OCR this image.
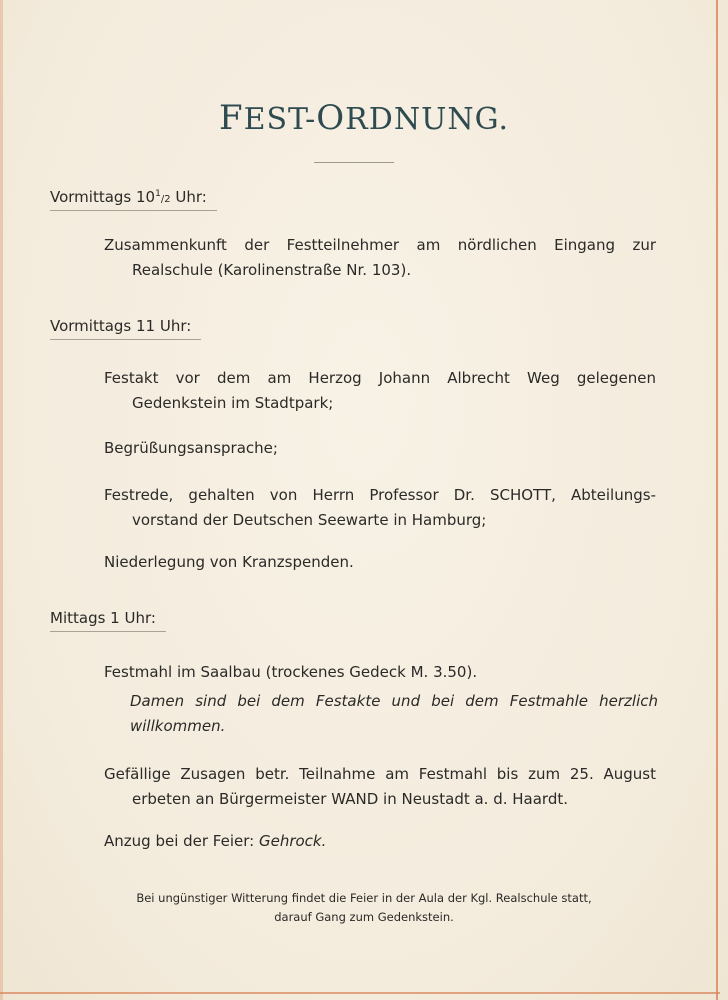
FEST-ORDNUNG.
Vormittags $10^1/2$ Uhr:
Zusammenkunft der Festteilnehmer am nördlichen Eingang zur
Realschule (Karolinenstraße Nr. 103).
Vormittags 11 Uhr:
Festakt vor dem am Herzog Johann Albrecht Weg gelegenen
Gedenkstein im Stadtpark;
Begrüßungsansprache;
Festrede, gehalten von Herrn Professor Dr. SCHOTT, Abteilungs-
vorstand der Deutschen Seewarte in Hamburg;
Niederlegung von Kranzspenden.
Mittags 1 Uhr:
Festmahl im Saalbau (trockenes Gedeck M. 3.50).
Damen sind bei dem Festakte und bei dem Festmahle herzlich
willkommen.
Gefällige Zusagen betr. Teilnahme am Festmahl bis zum 25. August
erbeten an Bürgermeister WAND in Neustadt a. d. Haardt.
Anzug bei der Feier: Gehrock.
Bei ungünstiger Witterung findet die Feier in der Aula der Kgl. Realschule statt,
darauf Gang zum Gedenkstein.
